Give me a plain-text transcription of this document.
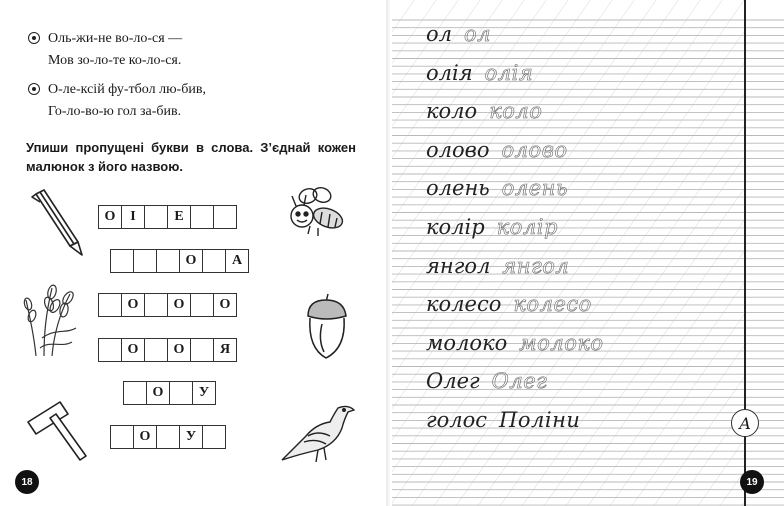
Оль-жи-не во-ло-ся —
Мов зо-ло-те ко-ло-ся.
О-ле-ксій фу-тбол лю-бив,
Го-ло-во-ю гол за-бив.
Упиши пропущені букви в слова. З’єднай кожен малюнок з його назвою.
О	І	Е
О	А
О	О	О
О	О	Я
О	У
О	У
18
ол ол
олія олія
коло коло
олово олово
олень олень
колір колір
янгол янгол
колесо колесо
молоко молоко
Олег Олег
голос Поліни	А
19
